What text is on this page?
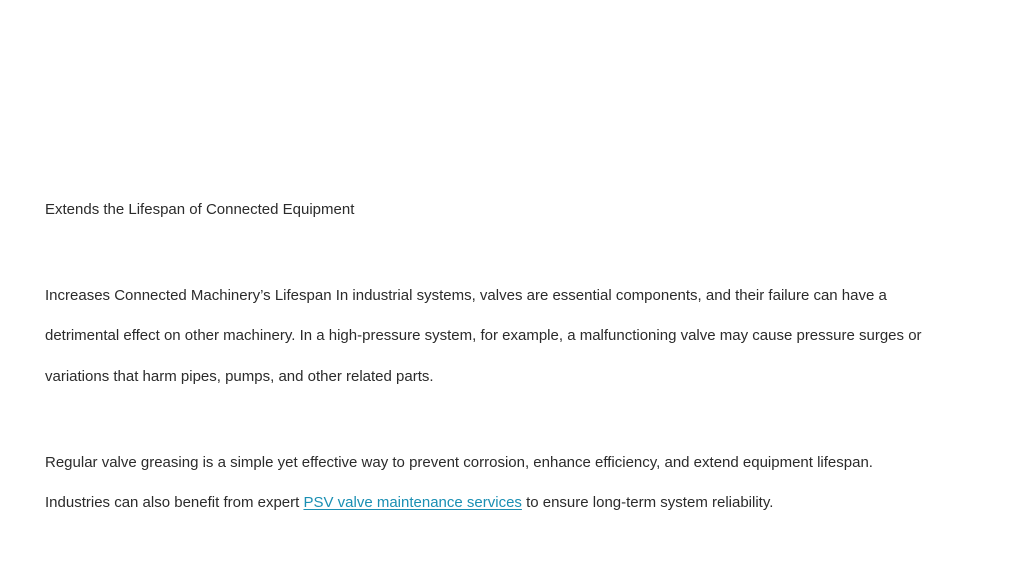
Extends the Lifespan of Connected Equipment
Increases Connected Machinery’s Lifespan In industrial systems, valves are essential components, and their failure can have a
detrimental effect on other machinery. In a high-pressure system, for example, a malfunctioning valve may cause pressure surges or
variations that harm pipes, pumps, and other related parts.
Regular valve greasing is a simple yet effective way to prevent corrosion, enhance efficiency, and extend equipment lifespan.
Industries can also benefit from expert PSV valve maintenance services to ensure long-term system reliability.
